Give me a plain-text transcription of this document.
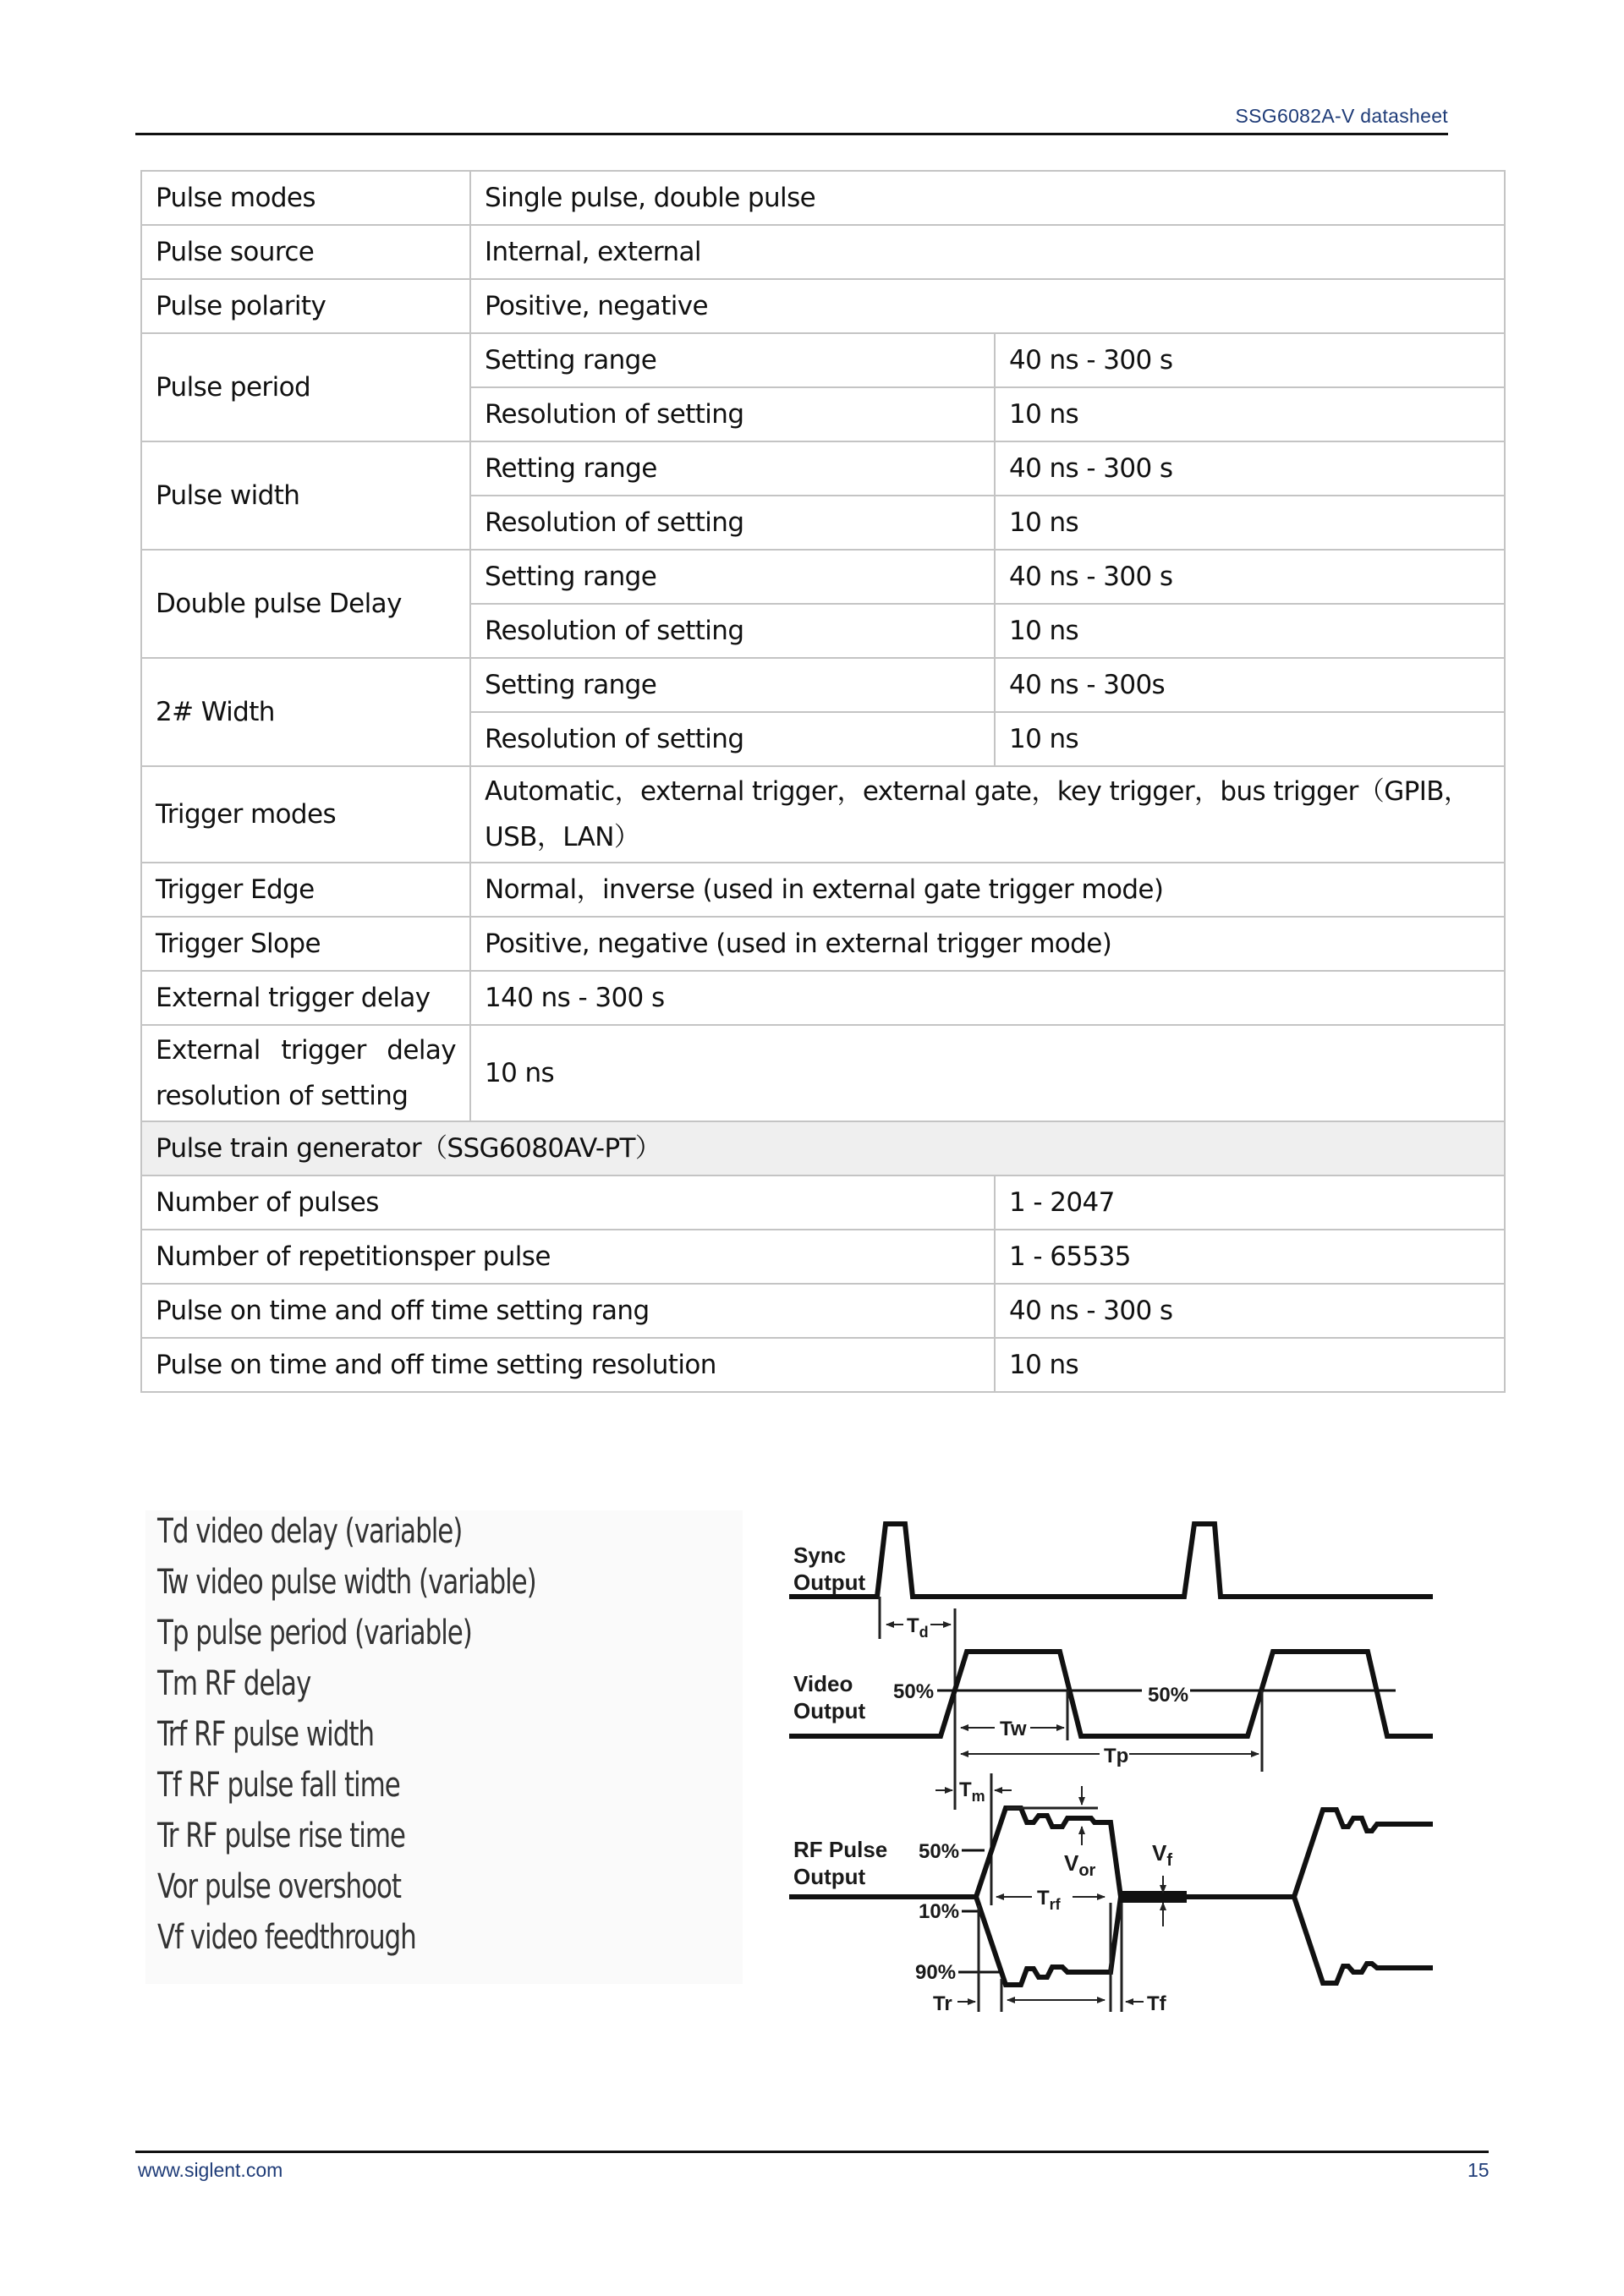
SSG6082A-V datasheet
Pulse modes	Single pulse, double pulse	
Pulse source	Internal, external	
Pulse polarity	Positive, negative	
Pulse period	Setting range	40 ns - 300 s
	Resolution of setting	10 ns
Pulse width	Retting range	40 ns - 300 s
	Resolution of setting	10 ns
Double pulse Delay	Setting range	40 ns - 300 s
	Resolution of setting	10 ns
2# Width	Setting range	40 ns - 300s
	Resolution of setting	10 ns
Trigger modes	Automatic，external trigger，external gate，key trigger，bus trigger（GPIB，USB，LAN）	
Trigger Edge	Normal，inverse (used in external gate trigger mode)	
Trigger Slope	Positive, negative (used in external trigger mode)	
External trigger delay	140 ns - 300 s	
External trigger delay resolution of setting	10 ns	
Pulse train generator（SSG6080AV-PT）		
Number of pulses		1 - 2047
Number of repetitionsper pulse		1 - 65535
Pulse on time and off time setting rang		40 ns - 300 s
Pulse on time and off time setting resolution		10 ns
Td video delay (variable)
Tw video pulse width (variable)
Tp pulse period (variable)
Tm RF delay
Trf RF pulse width
Tf RF pulse fall time
Tr RF pulse rise time
Vor pulse overshoot
Vf video feedthrough
Sync
Output
$T_d$
Video
Output
50%	50%
Tw
Tp
$T_m$
RF Pulse
Output
$V_{or}$
$V_f$
$T_{rf}$
50%
10%
90%
Tr	Tf
www.siglent.com	15
